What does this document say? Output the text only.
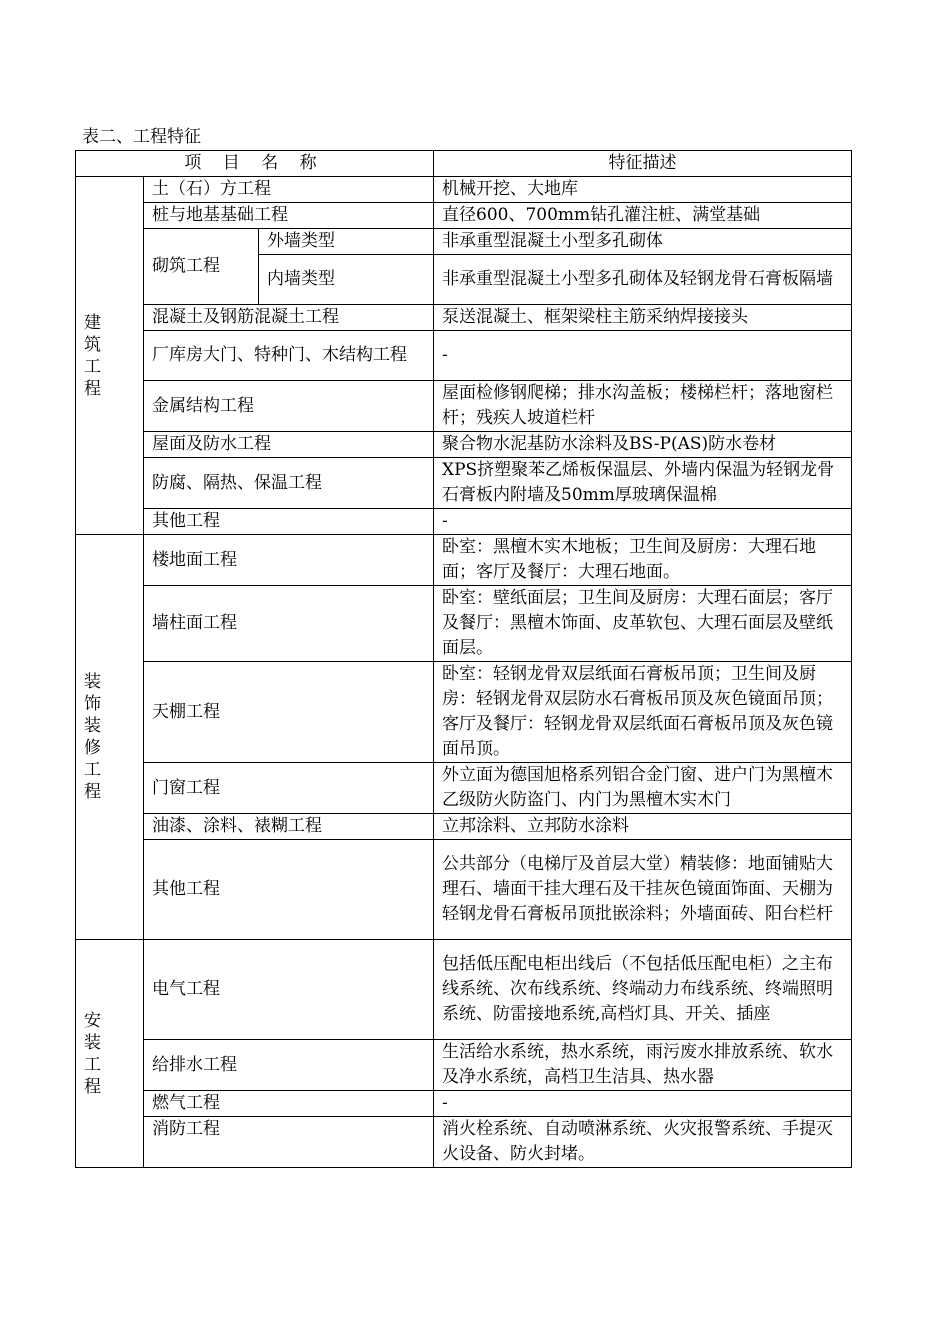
表二、工程特征
项 目 名 称			特征描述
建筑工程	土（石）方工程		机械开挖、大地库
	桩与地基基础工程		直径600、700mm钻孔灌注桩、满堂基础
	砌筑工程	外墙类型	非承重型混凝土小型多孔砌体
		内墙类型	非承重型混凝土小型多孔砌体及轻钢龙骨石膏板隔墙
	混凝土及钢筋混凝土工程		泵送混凝土、框架梁柱主筋采纳焊接接头
	厂库房大门、特种门、木结构工程		-
	金属结构工程		屋面检修钢爬梯；排水沟盖板；楼梯栏杆；落地窗栏杆；残疾人坡道栏杆
	屋面及防水工程		聚合物水泥基防水涂料及BS-P(AS)防水卷材
	防腐、隔热、保温工程		XPS挤塑聚苯乙烯板保温层、外墙内保温为轻钢龙骨石膏板内附墙及50mm厚玻璃保温棉
	其他工程		-
装饰装修工程	楼地面工程		卧室：黑檀木实木地板；卫生间及厨房：大理石地面；客厅及餐厅：大理石地面。
	墙柱面工程		卧室：壁纸面层；卫生间及厨房：大理石面层；客厅及餐厅：黑檀木饰面、皮革软包、大理石面层及壁纸面层。
	天棚工程		卧室：轻钢龙骨双层纸面石膏板吊顶；卫生间及厨房：轻钢龙骨双层防水石膏板吊顶及灰色镜面吊顶；客厅及餐厅：轻钢龙骨双层纸面石膏板吊顶及灰色镜面吊顶。
	门窗工程		外立面为德国旭格系列铝合金门窗、进户门为黑檀木乙级防火防盗门、内门为黑檀木实木门
	油漆、涂料、裱糊工程		立邦涂料、立邦防水涂料
	其他工程		公共部分（电梯厅及首层大堂）精装修：地面铺贴大理石、墙面干挂大理石及干挂灰色镜面饰面、天棚为轻钢龙骨石膏板吊顶批嵌涂料；外墙面砖、阳台栏杆
安装工程	电气工程		包括低压配电柜出线后（不包括低压配电柜）之主布线系统、次布线系统、终端动力布线系统、终端照明系统、防雷接地系统,高档灯具、开关、插座
	给排水工程		生活给水系统，热水系统，雨污废水排放系统、软水及净水系统，高档卫生洁具、热水器
	燃气工程		-
	消防工程		消火栓系统、自动喷淋系统、火灾报警系统、手提灭火设备、防火封堵。
